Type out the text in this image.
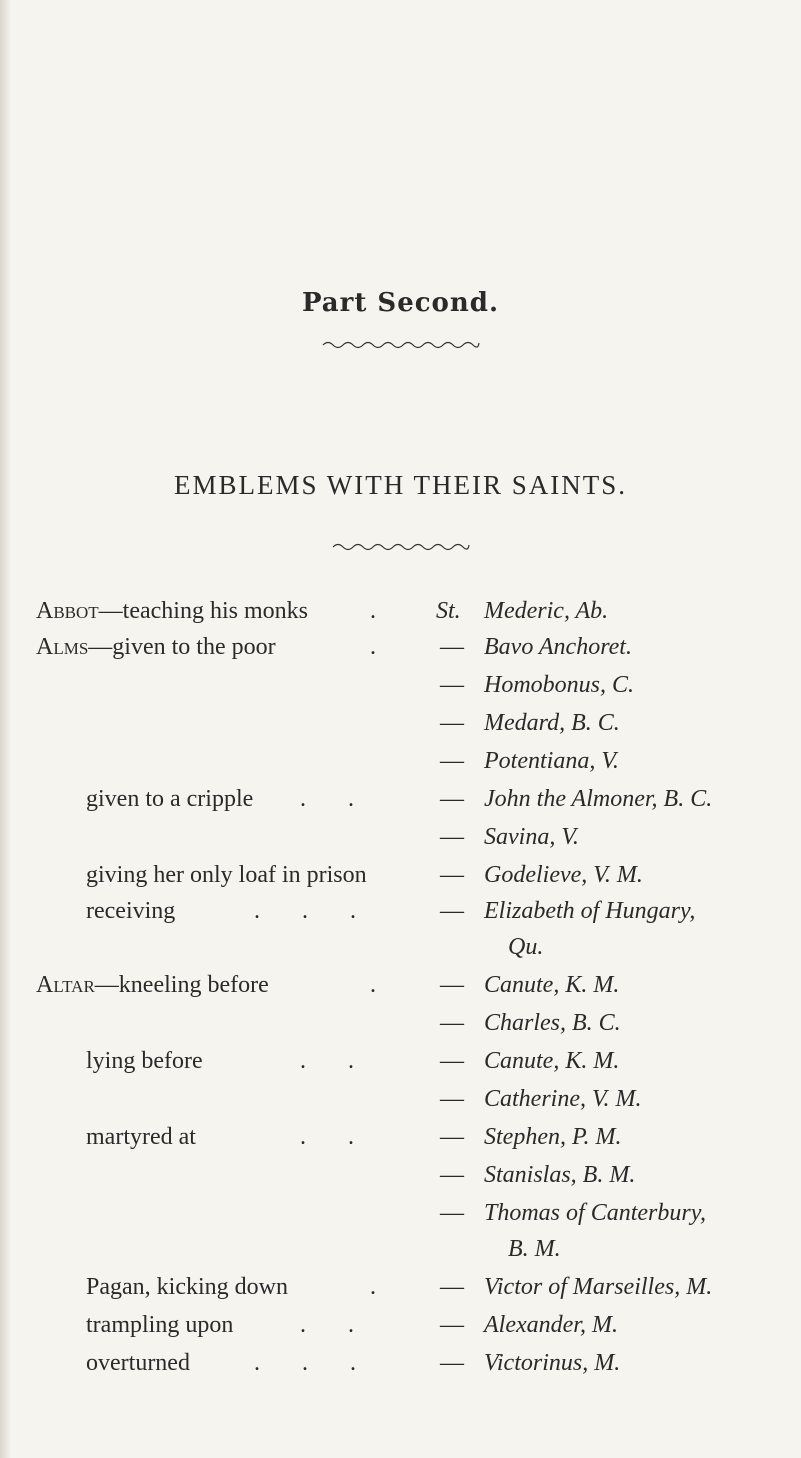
Part Second.
EMBLEMS WITH THEIR SAINTS.
Abbot—teaching his monks	. St. Mederic, Ab.
Alms—given to the poor	. — Bavo Anchoret.
— Homobonus, C.
— Medard, B. C.
— Potentiana, V.
given to a cripple . .	— John the Almoner, B. C.
— Savina, V.
giving her only loaf in prison	— Godelieve, V. M.
receiving	. . .	— Elizabeth of Hungary,
Qu.
Altar—kneeling before	. — Canute, K. M.
— Charles, B. C.
lying before	. .	— Canute, K. M.
— Catherine, V. M.
martyred at	. .	— Stephen, P. M.
— Stanislas, B. M.
— Thomas of Canterbury,
B. M.
Pagan, kicking down	. — Victor of Marseilles, M.
trampling upon	. .	— Alexander, M.
overturned	. . .	— Victorinus, M.
